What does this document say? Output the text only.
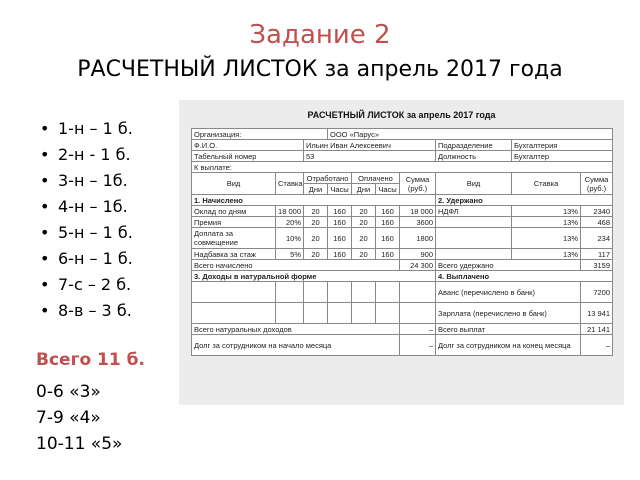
Задание 2
РАСЧЕТНЫЙ ЛИСТОК за апрель 2017 года
• 1-н – 1 б.
• 2-н - 1 б.
• 3-н – 1б.
• 4-н – 1б.
• 5-н – 1 б.
• 6-н – 1 б.
• 7-с – 2 б.
• 8-в – 3 б.
Всего 11 б.
0-6 «3»
7-9 «4»
10-11 «5»
РАСЧЕТНЫЙ ЛИСТОК за апрель 2017 года
Организация:			ООО «Парус»						
Ф.И.О.		Ильин Иван Алексеевич					Подразделение	Бухгалтерия	
Табельный номер		53					Должность	Бухгалтер	
К выплате:									
Вид	Ставка	Отработано		Оплачено		Сумма (руб.)	Вид	Ставка	Сумма (руб.)
		Дни	Часы	Дни	Часы				
1. Начислено							2. Удержано		
Оклад по дням	18 000	20	160	20	160	18 000	НДФЛ	13%	2340
Премия	20%	20	160	20	160	3600		13%	468
Доплата за совмещение	10%	20	160	20	160	1800		13%	234
Надбавка за стаж	5%	20	160	20	160	900		13%	117
Всего начислено						24 300	Всего удержано		3159
3. Доходы в натуральной форме							4. Выплачено		
							Аванс (перечислено в банк)		7200
							Зарплата (перечислено в банк)		13 941
Всего натуральных доходов						–	Всего выплат		21 141
Долг за сотрудником на начало месяца						–	Долг за сотрудником на конец месяца		–
